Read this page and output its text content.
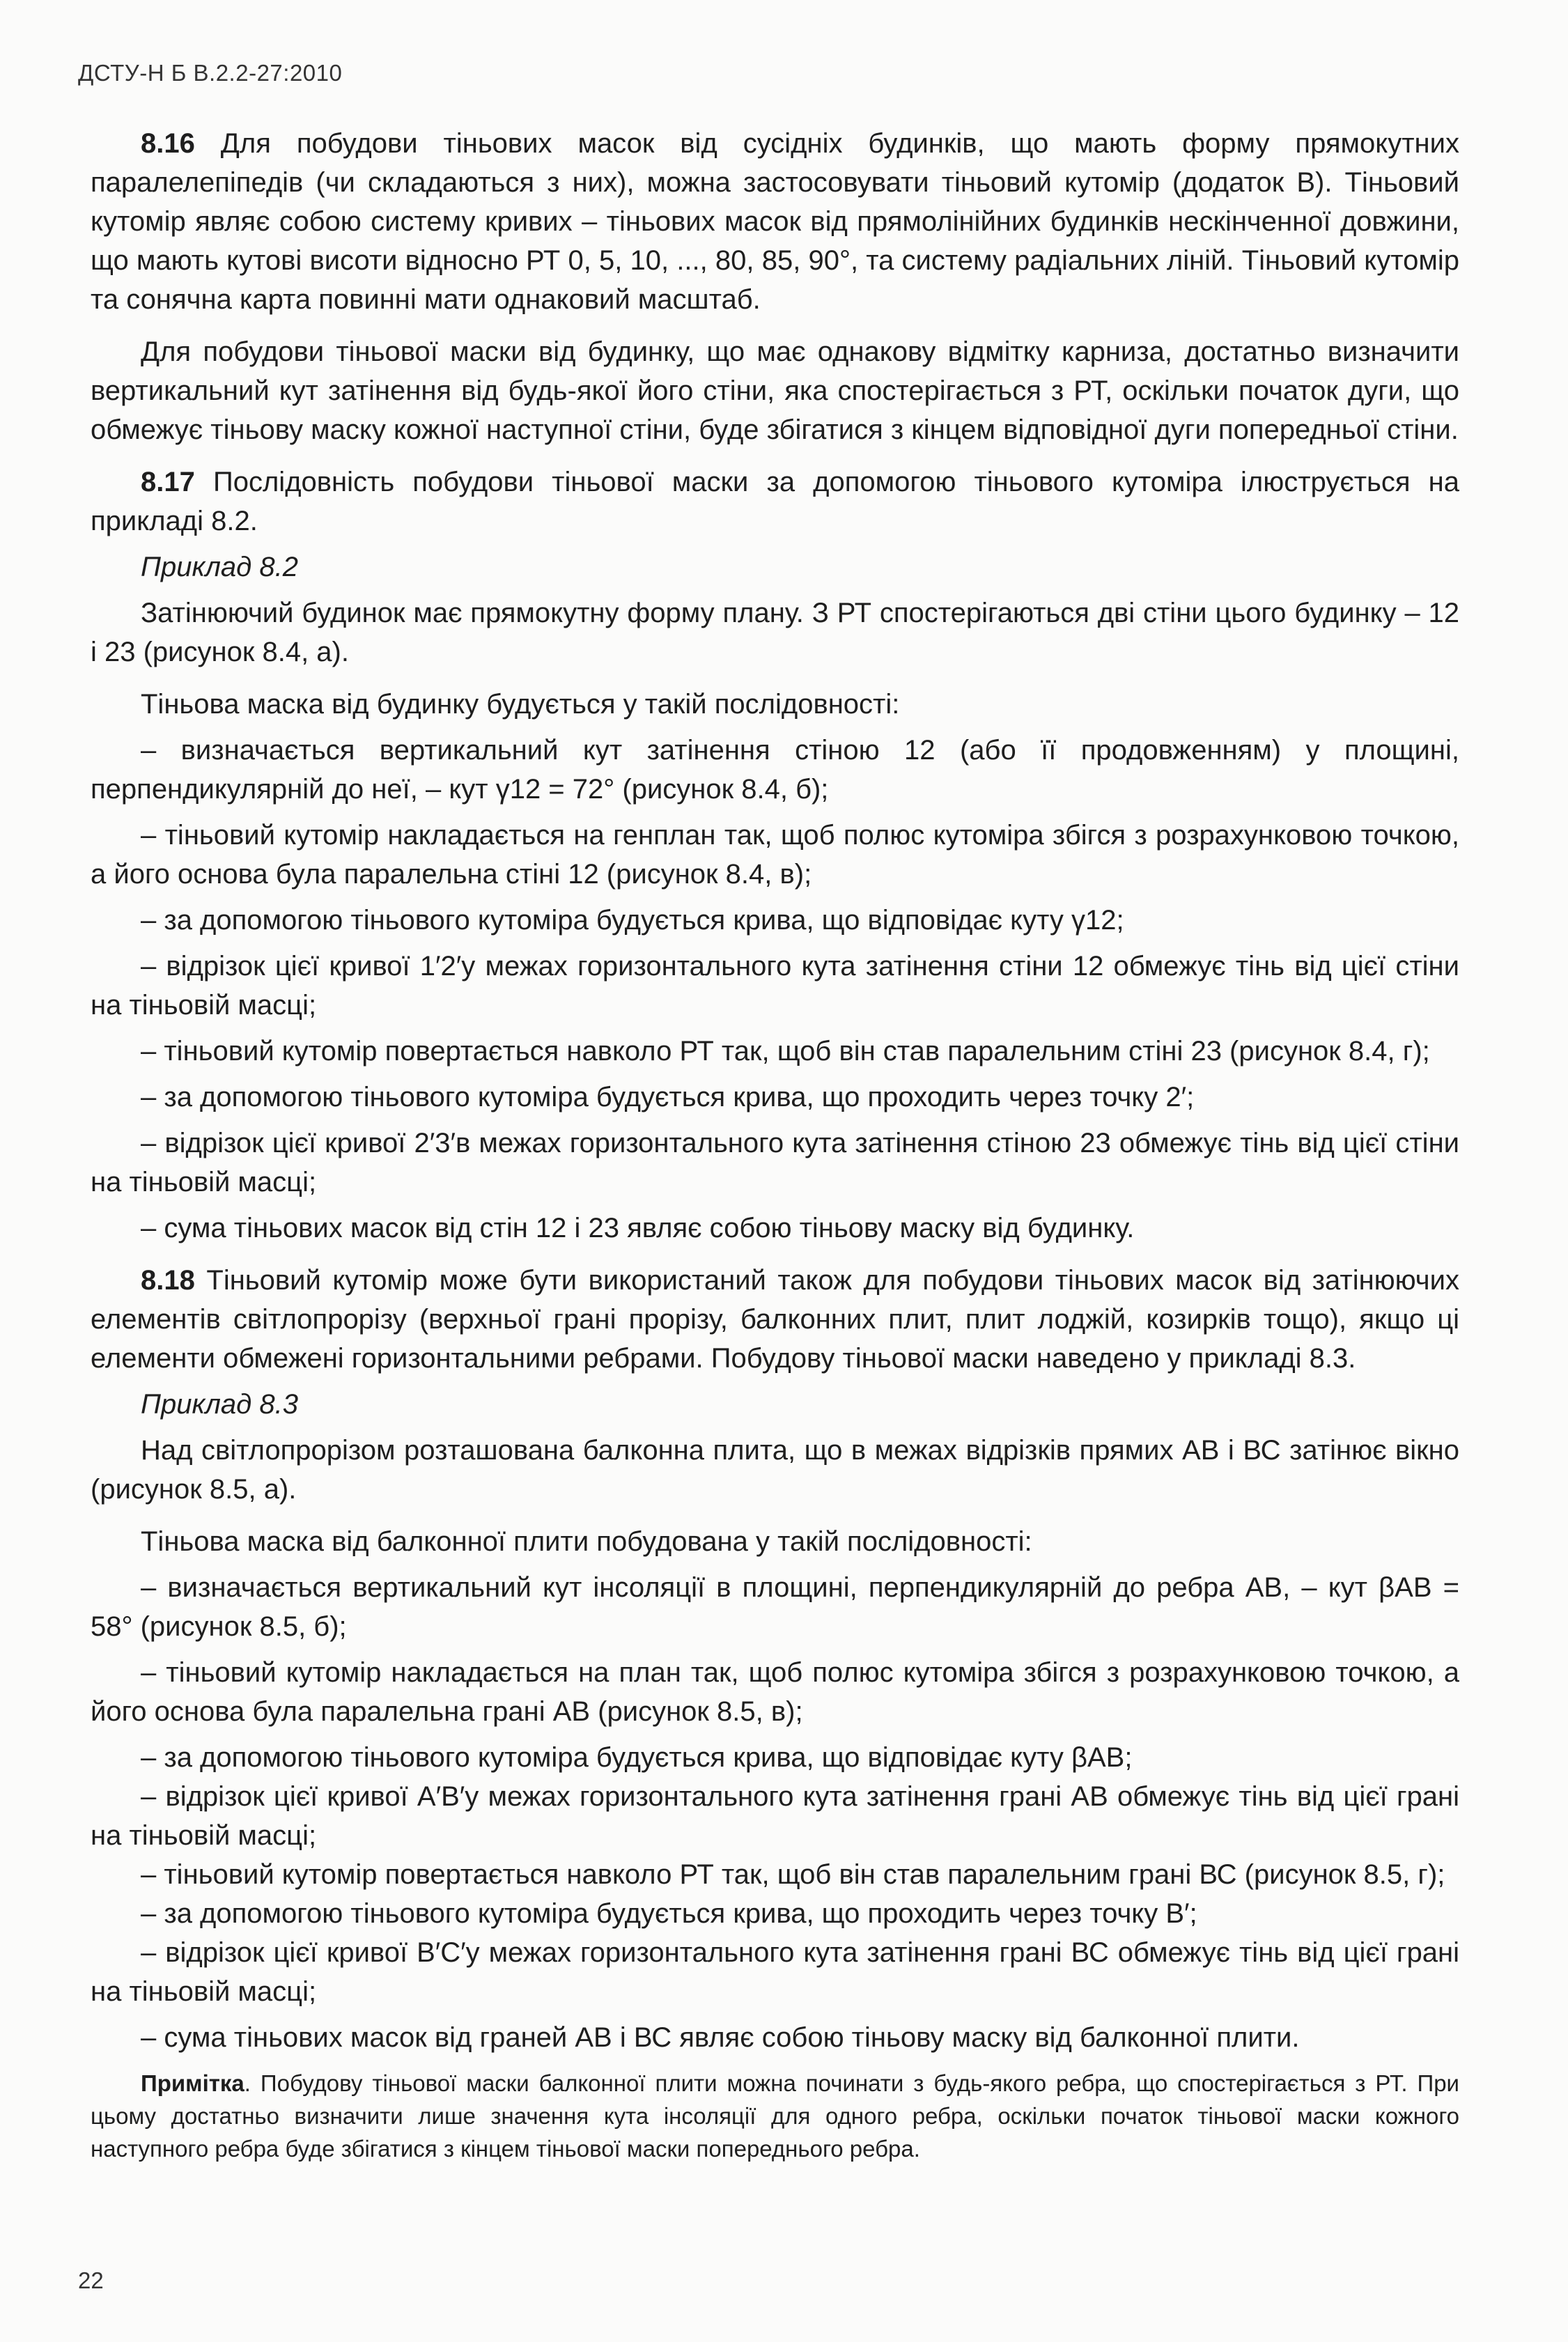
ДСТУ-Н Б В.2.2-27:2010

8.16 Для побудови тіньових масок від сусідніх будинків, що мають форму прямокутних паралелепіпедів (чи складаються з них), можна застосовувати тіньовий кутомір (додаток В). Тіньовий кутомір являє собою систему кривих – тіньових масок від прямолінійних будинків нескінченної довжини, що мають кутові висоти відносно РТ 0, 5, 10, ..., 80, 85, 90°, та систему радіальних ліній. Тіньовий кутомір та сонячна карта повинні мати однаковий масштаб.

Для побудови тіньової маски від будинку, що має однакову відмітку карниза, достатньо визначити вертикальний кут затінення від будь-якої його стіни, яка спостерігається з РТ, оскільки початок дуги, що обмежує тіньову маску кожної наступної стіни, буде збігатися з кінцем відповідної дуги попередньої стіни.

8.17 Послідовність побудови тіньової маски за допомогою тіньового кутоміра ілюструється на прикладі 8.2.

Приклад 8.2

Затінюючий будинок має прямокутну форму плану. З РТ спостерігаються дві стіни цього будинку – 12 і 23 (рисунок 8.4, а).

Тіньова маска від будинку будується у такій послідовності:

– визначається вертикальний кут затінення стіною 12 (або її продовженням) у площині, перпендикулярній до неї, – кут γ12 = 72° (рисунок 8.4, б);

– тіньовий кутомір накладається на генплан так, щоб полюс кутоміра збігся з розрахунковою точкою, а його основа була паралельна стіні 12 (рисунок 8.4, в);

– за допомогою тіньового кутоміра будується крива, що відповідає куту γ12;

– відрізок цієї кривої 1′2′у межах горизонтального кута затінення стіни 12 обмежує тінь від цієї стіни на тіньовій масці;

– тіньовий кутомір повертається навколо РТ так, щоб він став паралельним стіні 23 (рисунок 8.4, г);

– за допомогою тіньового кутоміра будується крива, що проходить через точку 2′;

– відрізок цієї кривої 2′3′в межах горизонтального кута затінення стіною 23 обмежує тінь від цієї стіни на тіньовій масці;

– сума тіньових масок від стін 12 і 23 являє собою тіньову маску від будинку.

8.18 Тіньовий кутомір може бути використаний також для побудови тіньових масок від затінюючих елементів світлопрорізу (верхньої грані прорізу, балконних плит, плит лоджій, козирків тощо), якщо ці елементи обмежені горизонтальними ребрами. Побудову тіньової маски наведено у прикладі 8.3.

Приклад 8.3

Над світлопрорізом розташована балконна плита, що в межах відрізків прямих АВ і ВС затінює вікно (рисунок 8.5, а).

Тіньова маска від балконної плити побудована у такій послідовності:

– визначається вертикальний кут інсоляції в площині, перпендикулярній до ребра АВ, – кут βАВ = 58° (рисунок 8.5, б);

– тіньовий кутомір накладається на план так, щоб полюс кутоміра збігся з розрахунковою точкою, а його основа була паралельна грані АВ (рисунок 8.5, в);

– за допомогою тіньового кутоміра будується крива, що відповідає куту βАВ;

– відрізок цієї кривої А′В′у межах горизонтального кута затінення грані АВ обмежує тінь від цієї грані на тіньовій масці;

– тіньовий кутомір повертається навколо РТ так, щоб він став паралельним грані ВС (рисунок 8.5, г);

– за допомогою тіньового кутоміра будується крива, що проходить через точку В′;

– відрізок цієї кривої В′С′у межах горизонтального кута затінення грані ВС обмежує тінь від цієї грані на тіньовій масці;

– сума тіньових масок від граней АВ і ВС являє собою тіньову маску від балконної плити.

Примітка. Побудову тіньової маски балконної плити можна починати з будь-якого ребра, що спостерігається з РТ. При цьому достатньо визначити лише значення кута інсоляції для одного ребра, оскільки початок тіньової маски кожного наступного ребра буде збігатися з кінцем тіньової маски попереднього ребра.

22
